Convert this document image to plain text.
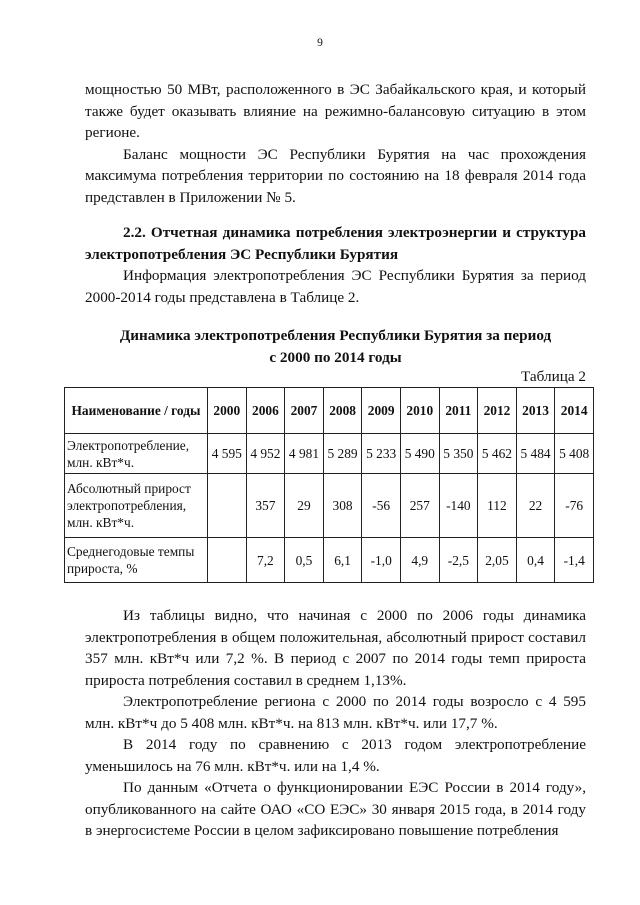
9

мощностью 50 МВт, расположенного в ЭС Забайкальского края, и который также будет оказывать влияние на режимно-балансовую ситуацию в этом регионе.

Баланс мощности ЭС Республики Бурятия на час прохождения максимума потребления территории по состоянию на 18 февраля 2014 года представлен в Приложении № 5.

2.2. Отчетная динамика потребления электроэнергии и структура электропотребления ЭС Республики Бурятия

Информация электропотребления ЭС Республики Бурятия за период 2000-2014 годы представлена в Таблице 2.

Динамика электропотребления Республики Бурятия за период
с 2000 по 2014 годы
Таблица 2
Наименование / годы	2000	2006	2007	2008	2009	2010	2011	2012	2013	2014
Электропотребление, млн. кВт*ч.	4 595	4 952	4 981	5 289	5 233	5 490	5 350	5 462	5 484	5 408
Абсолютный прирост электропотребления, млн. кВт*ч.		357	29	308	-56	257	-140	112	22	-76
Среднегодовые темпы прироста, %		7,2	0,5	6,1	-1,0	4,9	-2,5	2,05	0,4	-1,4

Из таблицы видно, что начиная с 2000 по 2006 годы динамика электропотребления в общем положительная, абсолютный прирост составил 357 млн. кВт*ч или 7,2 %. В период с 2007 по 2014 годы темп прироста прироста потребления составил в среднем 1,13%.

Электропотребление региона с 2000 по 2014 годы возросло с 4 595 млн. кВт*ч до 5 408 млн. кВт*ч. на 813 млн. кВт*ч. или 17,7 %.

В 2014 году по сравнению с 2013 годом электропотребление уменьшилось на 76 млн. кВт*ч. или на 1,4 %.

По данным «Отчета о функционировании ЕЭС России в 2014 году», опубликованного на сайте ОАО «СО ЕЭС» 30 января 2015 года, в 2014 году в энергосистеме России в целом зафиксировано повышение потребления
